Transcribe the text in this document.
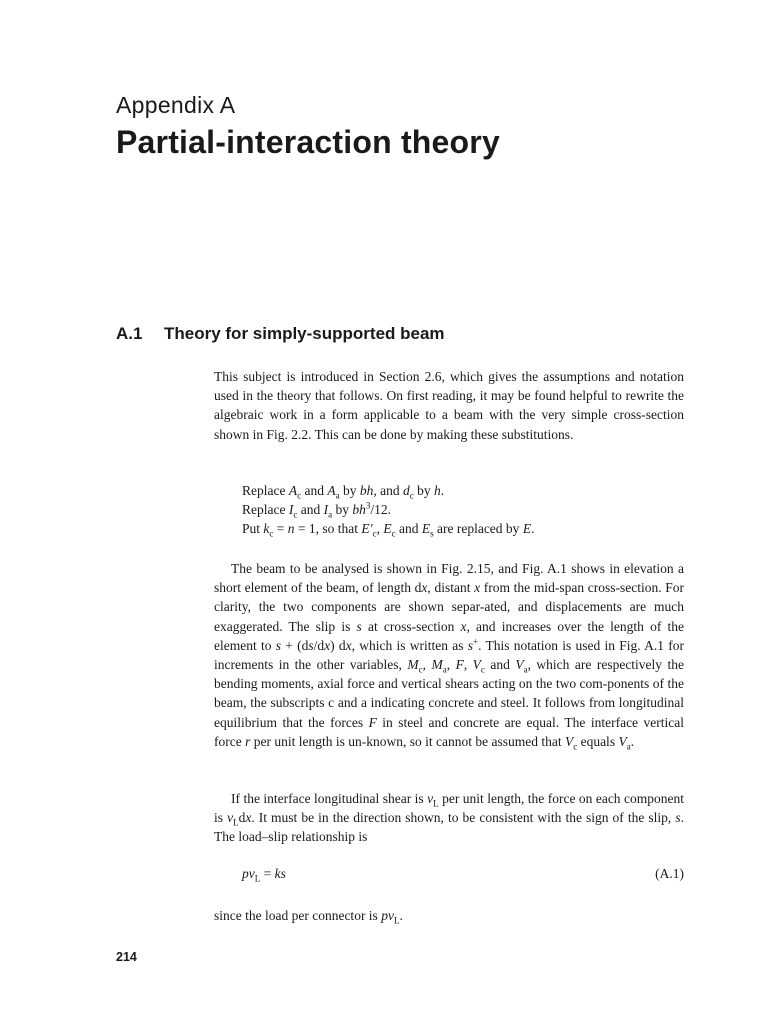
Appendix A
Partial-interaction theory
A.1 Theory for simply-supported beam

This subject is introduced in Section 2.6, which gives the assumptions and notation used in the theory that follows. On first reading, it may be found helpful to rewrite the algebraic work in a form applicable to a beam with the very simple cross-section shown in Fig. 2.2. This can be done by making these substitutions.

Replace $A_c$ and $A_a$ by bh, and $d_c$ by h.
Replace $I_c$ and $I_a$ by $bh^3/12$.
Put $k_c = n = 1$, so that $E'_c$, $E_c$ and $E_s$ are replaced by E.

The beam to be analysed is shown in Fig. 2.15, and Fig. A.1 shows in elevation a short element of the beam, of length dx, distant x from the mid-span cross-section. For clarity, the two components are shown separ-ated, and displacements are much exaggerated. The slip is s at cross-section x, and increases over the length of the element to s + (ds/dx) dx, which is written as s+. This notation is used in Fig. A.1 for increments in the other variables, $M_c$, $M_a$, F, $V_c$ and $V_a$, which are respectively the bending moments, axial force and vertical shears acting on the two com-ponents of the beam, the subscripts c and a indicating concrete and steel. It follows from longitudinal equilibrium that the forces F in steel and concrete are equal. The interface vertical force r per unit length is un-known, so it cannot be assumed that $V_c$ equals $V_a$.

If the interface longitudinal shear is $v_L$ per unit length, the force on each component is $v_Ldx$. It must be in the direction shown, to be consistent with the sign of the slip, s. The load–slip relationship is

$pv_L$ = ks	(A.1)

since the load per connector is $pv_L$.

214
